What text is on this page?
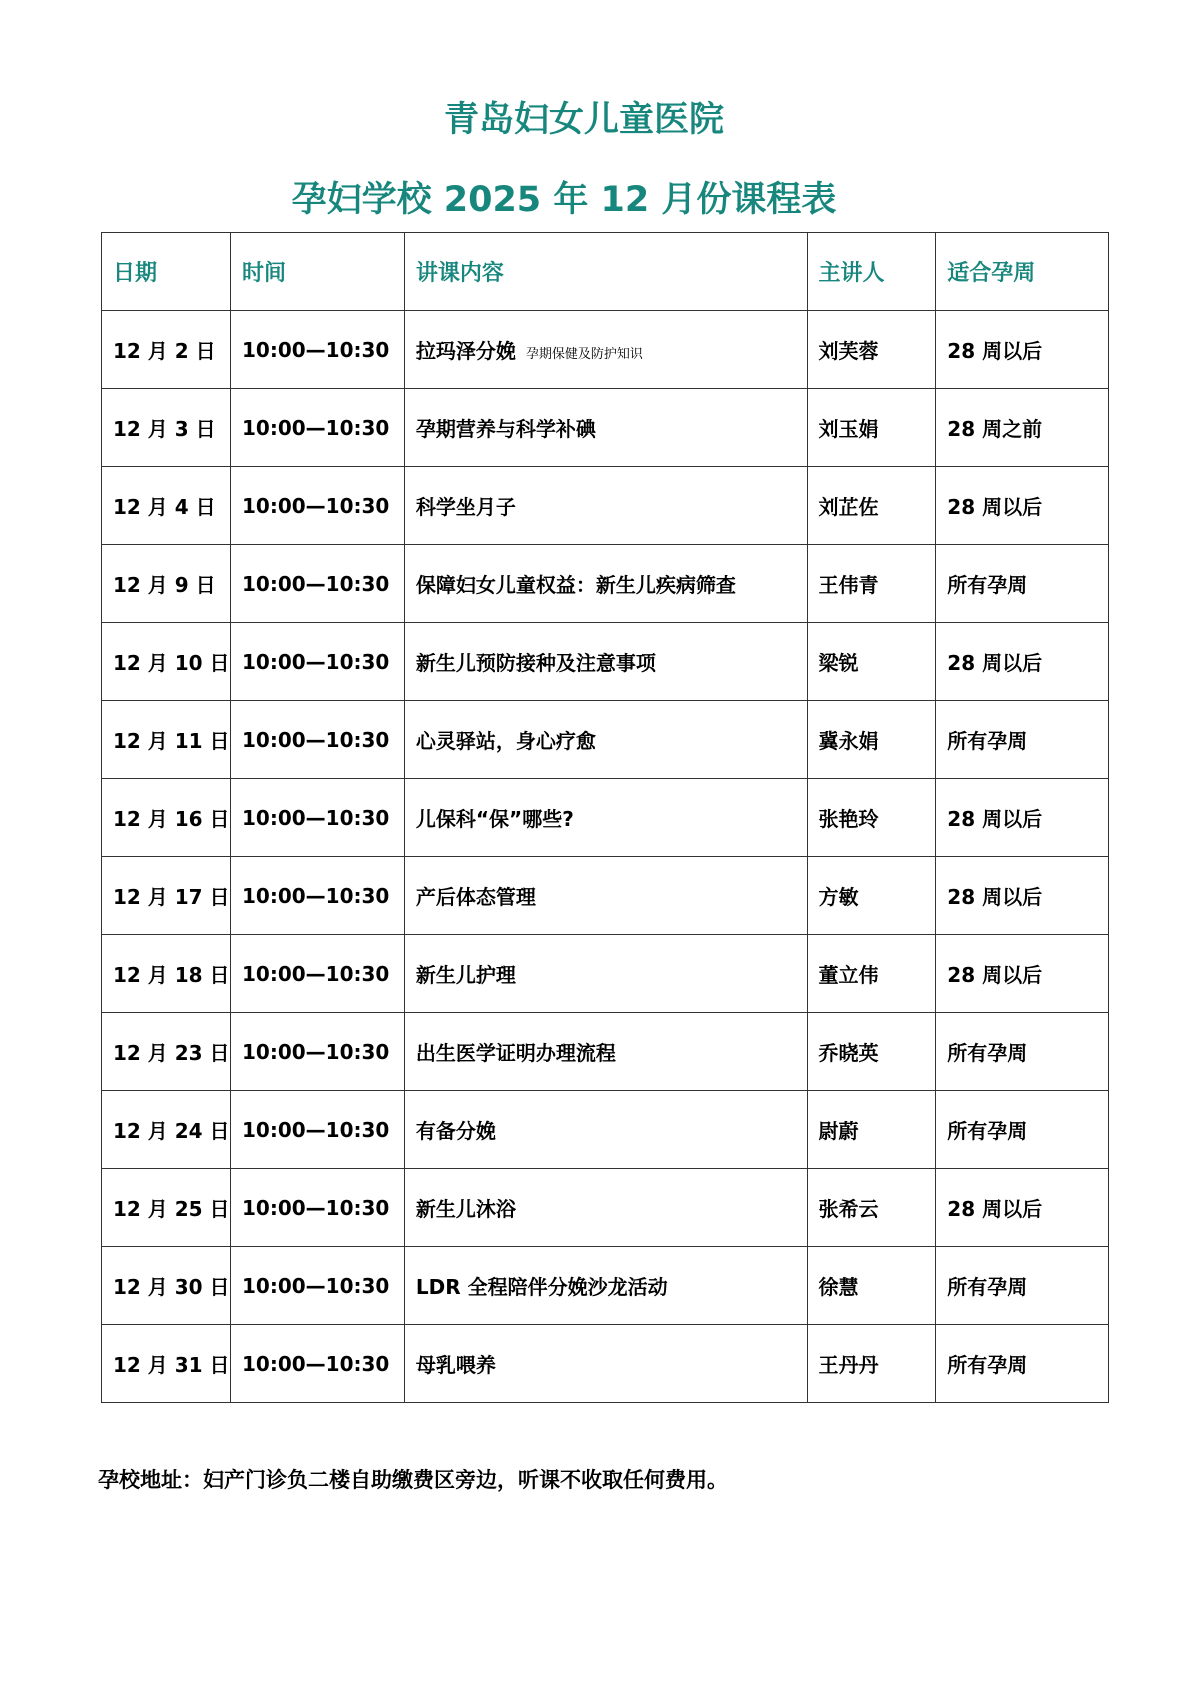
青岛妇女儿童医院
孕妇学校 2025 年 12 月份课程表
日期	时间	讲课内容	主讲人	适合孕周
12 月 2 日	10:00—10:30	拉玛泽分娩 孕期保健及防护知识	刘芙蓉	28 周以后
12 月 3 日	10:00—10:30	孕期营养与科学补碘	刘玉娟	28 周之前
12 月 4 日	10:00—10:30	科学坐月子	刘芷佐	28 周以后
12 月 9 日	10:00—10:30	保障妇女儿童权益：新生儿疾病筛查	王伟青	所有孕周
12 月 10 日	10:00—10:30	新生儿预防接种及注意事项	梁锐	28 周以后
12 月 11 日	10:00—10:30	心灵驿站，身心疗愈	冀永娟	所有孕周
12 月 16 日	10:00—10:30	儿保科“保”哪些?	张艳玲	28 周以后
12 月 17 日	10:00—10:30	产后体态管理	方敏	28 周以后
12 月 18 日	10:00—10:30	新生儿护理	董立伟	28 周以后
12 月 23 日	10:00—10:30	出生医学证明办理流程	乔晓英	所有孕周
12 月 24 日	10:00—10:30	有备分娩	尉蔚	所有孕周
12 月 25 日	10:00—10:30	新生儿沐浴	张希云	28 周以后
12 月 30 日	10:00—10:30	LDR 全程陪伴分娩沙龙活动	徐慧	所有孕周
12 月 31 日	10:00—10:30	母乳喂养	王丹丹	所有孕周
孕校地址：妇产门诊负二楼自助缴费区旁边，听课不收取任何费用。
